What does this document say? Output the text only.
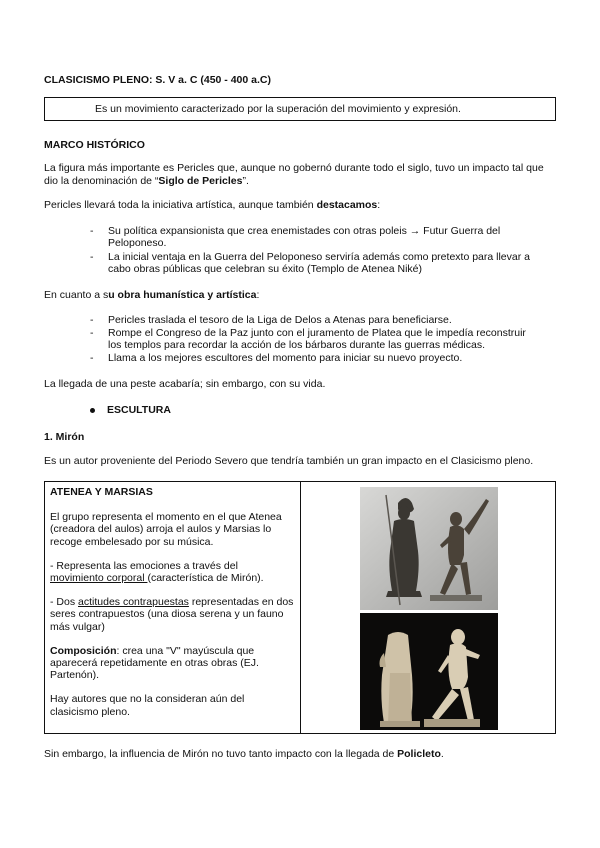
CLASICISMO PLENO: S. V a. C (450 - 400 a.C)
Es un movimiento caracterizado por la superación del movimiento y expresión.
MARCO HISTÓRICO

La figura más importante es Pericles que, aunque no gobernó durante todo el siglo, tuvo un impacto tal que dio la denominación de “Siglo de Pericles”.

Pericles llevará toda la iniciativa artística, aunque también destacamos:

- Su política expansionista que crea enemistades con otras poleis → Futur Guerra del Peloponeso.
- La inicial ventaja en la Guerra del Peloponeso serviría además como pretexto para llevar a cabo obras públicas que celebran su éxito (Templo de Atenea Niké)

En cuanto a su obra humanística y artística:

- Pericles traslada el tesoro de la Liga de Delos a Atenas para beneficiarse.
- Rompe el Congreso de la Paz junto con el juramento de Platea que le impedía reconstruir los templos para recordar la acción de los bárbaros durante las guerras médicas.
- Llama a los mejores escultores del momento para iniciar su nuevo proyecto.

La llegada de una peste acabaría; sin embargo, con su vida.

ESCULTURA
1. Mirón

Es un autor proveniente del Periodo Severo que tendría también un gran impacto en el Clasicismo pleno.

ATENEA Y MARSIAS

El grupo representa el momento en el que Atenea (creadora del aulos) arroja el aulos y Marsias lo recoge embelesado por su música.

- Representa las emociones a través del movimiento corporal (característica de Mirón).

- Dos actitudes contrapuestas representadas en dos seres contrapuestos (una diosa serena y un fauno más vulgar)

Composición: crea una "V" mayúscula que aparecerá repetidamente en otras obras (EJ. Partenón).

Hay autores que no la consideran aún del clasicismo pleno.

Sin embargo, la influencia de Mirón no tuvo tanto impacto con la llegada de Policleto.
